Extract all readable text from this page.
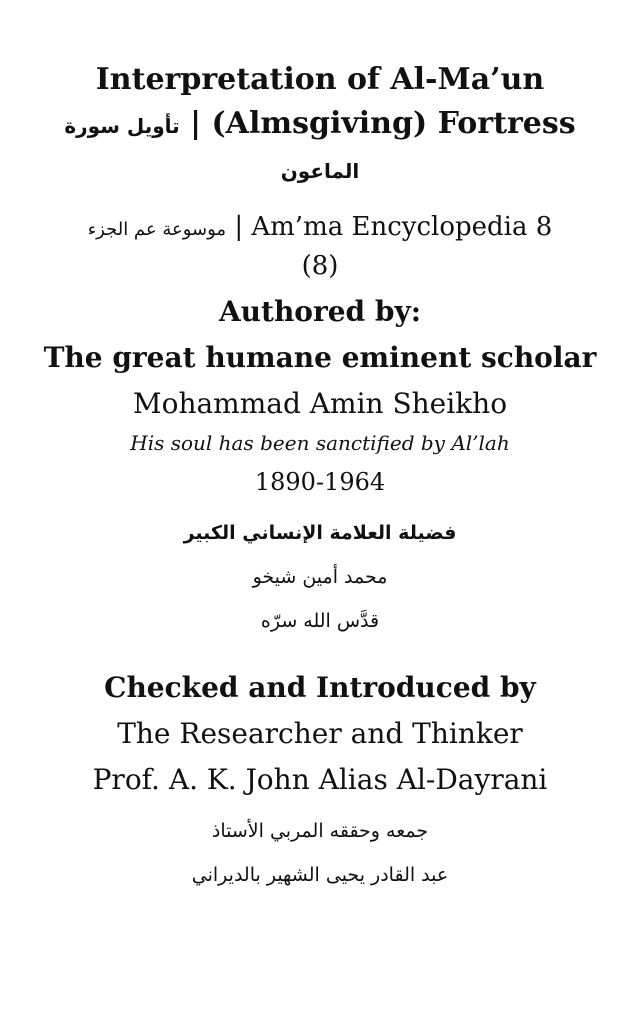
Interpretation of Al-Ma’un

تأويل سورة | (Almsgiving) Fortress

الماعون

موسوعة عم الجزء | Am’ma Encyclopedia 8

(8)

Authored by:

The great humane eminent scholar

Mohammad Amin Sheikho

His soul has been sanctified by Al’lah

1890-1964

فضيلة العلامة الإنساني الكبير

محمد أمين شيخو

قدَّس الله سرّه

Checked and Introduced by

The Researcher and Thinker

Prof. A. K. John Alias Al-Dayrani

جمعه وحققه المربي الأستاذ

عبد القادر يحيى الشهير بالديراني
